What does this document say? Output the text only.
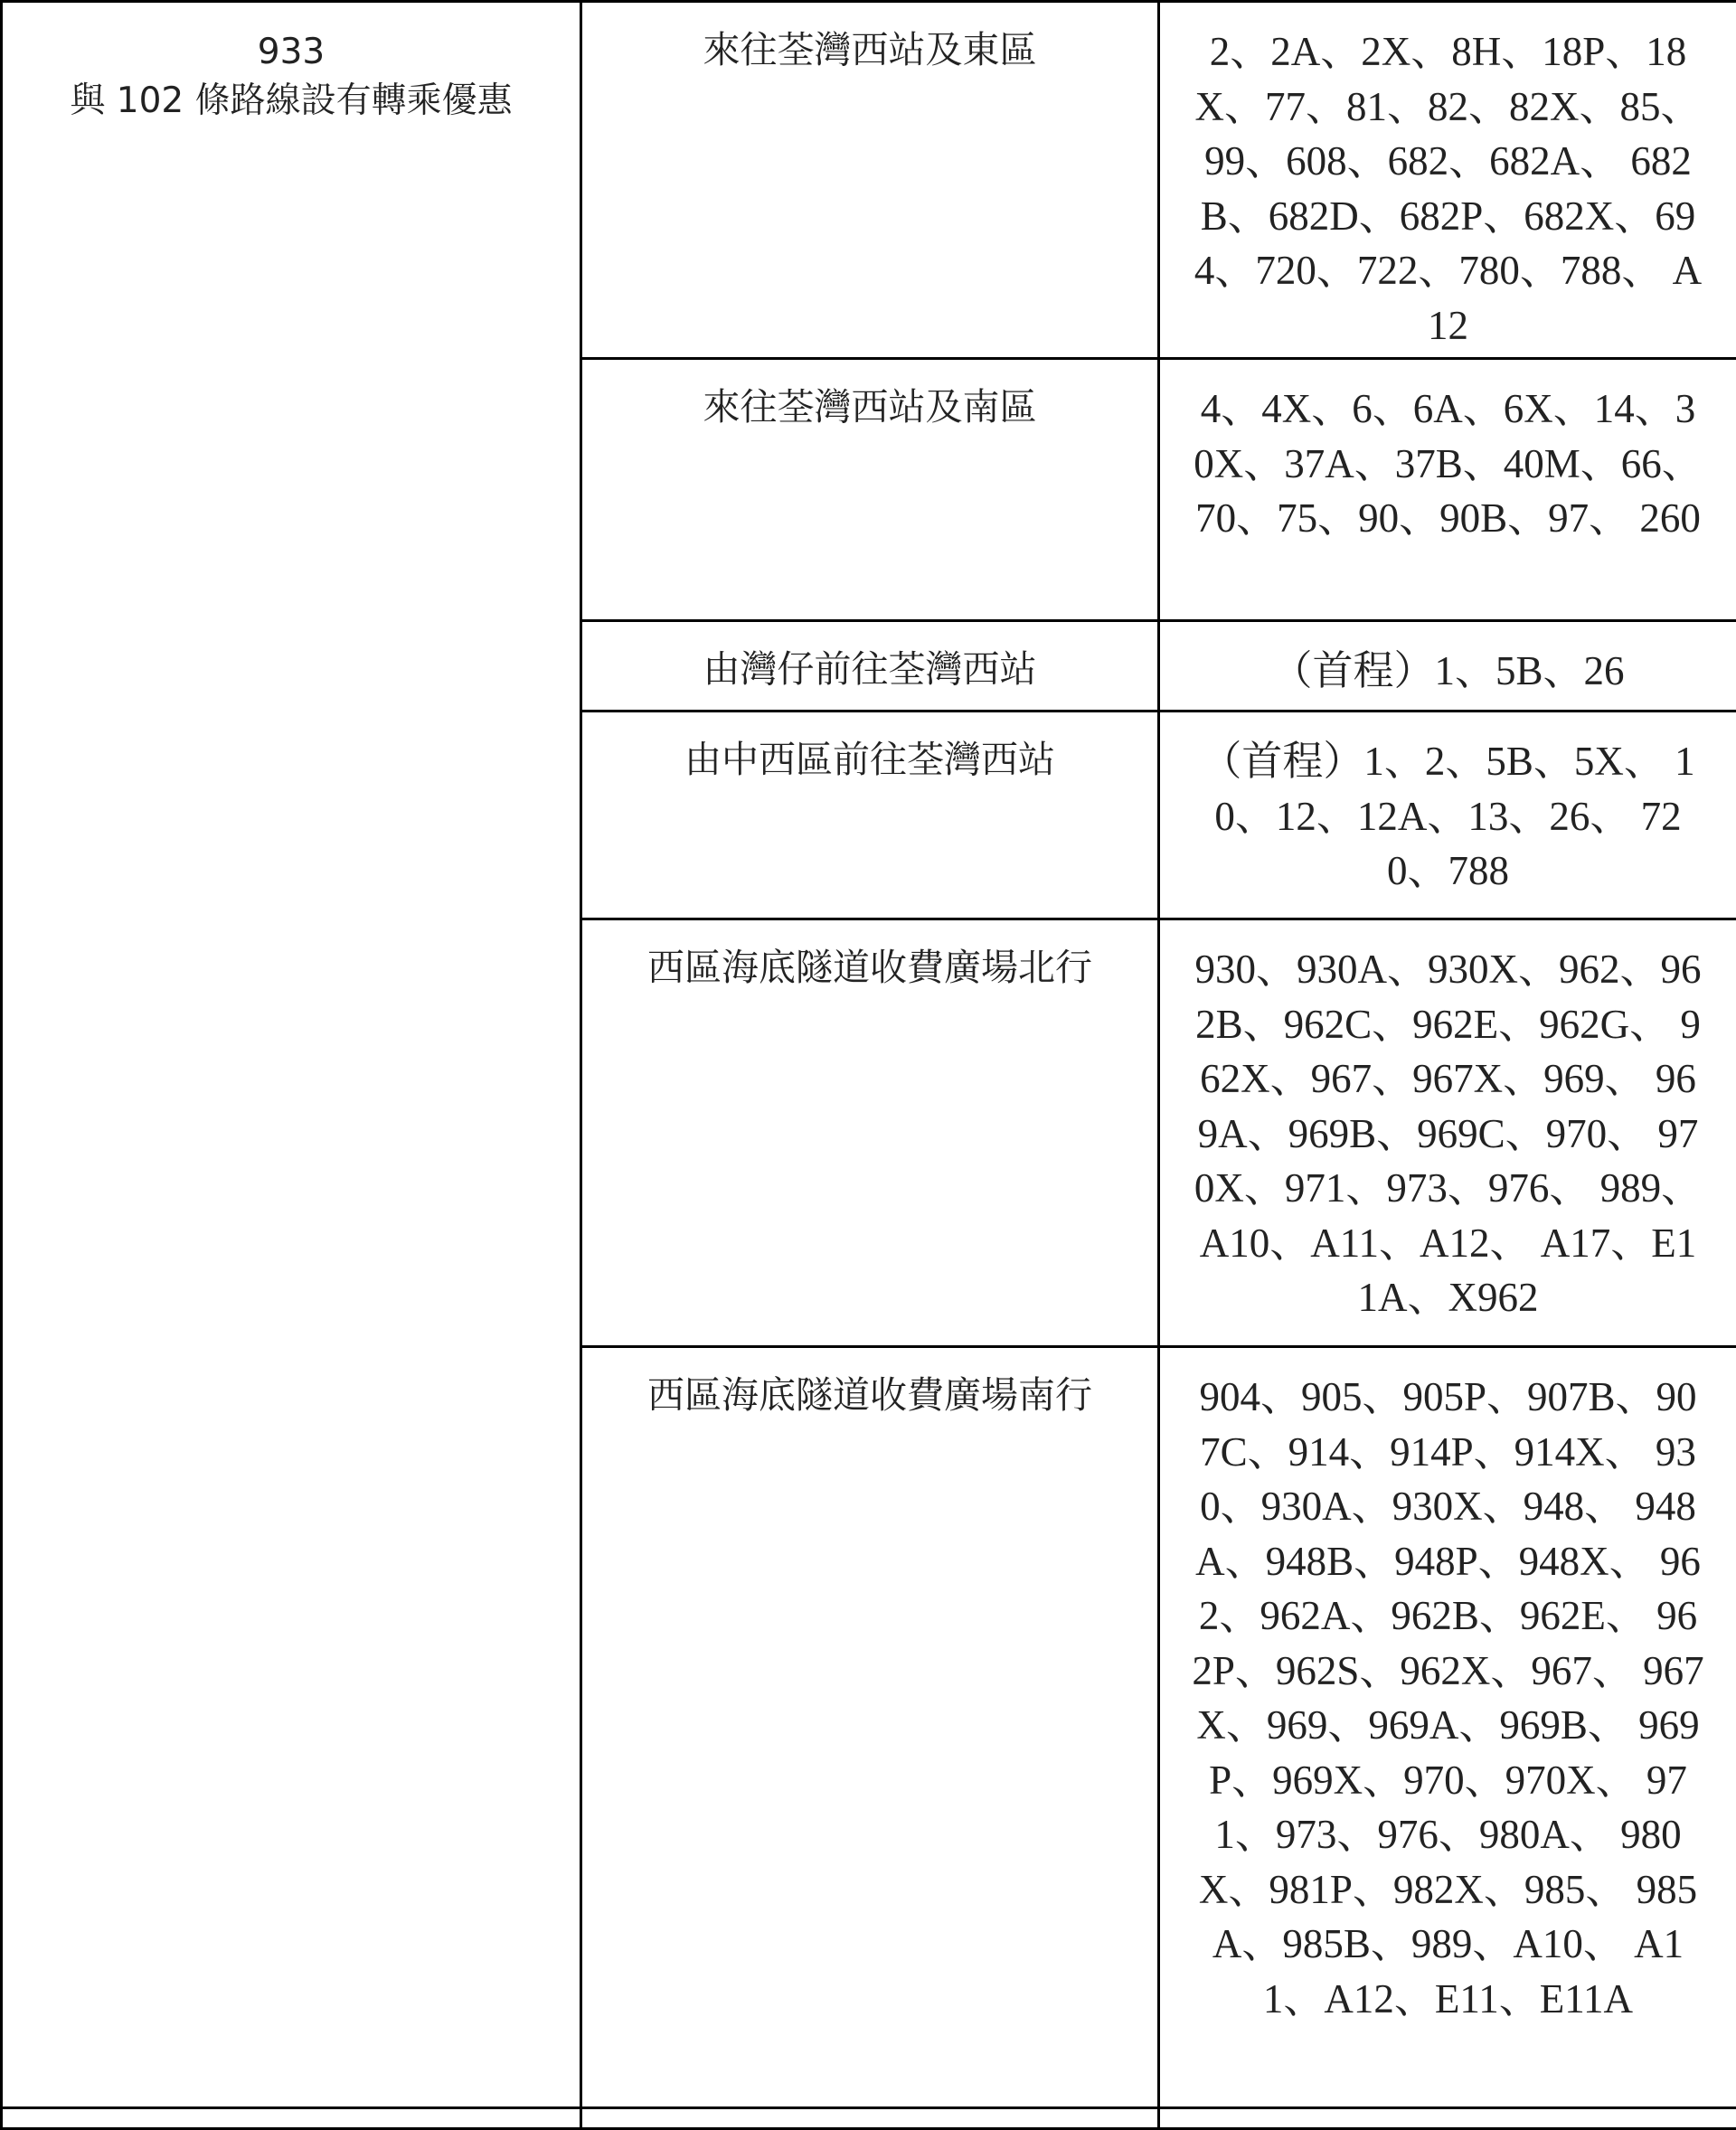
933
與 102 條路線設有轉乘優惠	來往荃灣西站及東區	2、2A、2X、8H、18P、18X、77、81、82、82X、85、99、608、682、682A、 682B、682D、682P、682X、694、720、722、780、788、 A12

	來往荃灣西站及南區	4、4X、6、6A、6X、14、30X、37A、37B、40M、66、70、75、90、90B、97、 260

	由灣仔前往荃灣西站	（首程）1、5B、26

	由中西區前往荃灣西站	（首程）1、2、5B、5X、 10、12、12A、13、26、 720、788

	西區海底隧道收費廣場北行	930、930A、930X、962、962B、962C、962E、962G、 962X、967、967X、969、 969A、969B、969C、970、 970X、971、973、976、 989、A10、A11、A12、 A17、E11A、X962

	西區海底隧道收費廣場南行	904、905、905P、907B、907C、914、914P、914X、 930、930A、930X、948、 948A、948B、948P、948X、 962、962A、962B、962E、 962P、962S、962X、967、 967X、969、969A、969B、 969P、969X、970、970X、 971、973、976、980A、 980X、981P、982X、985、 985A、985B、989、A10、 A11、A12、E11、E11A
